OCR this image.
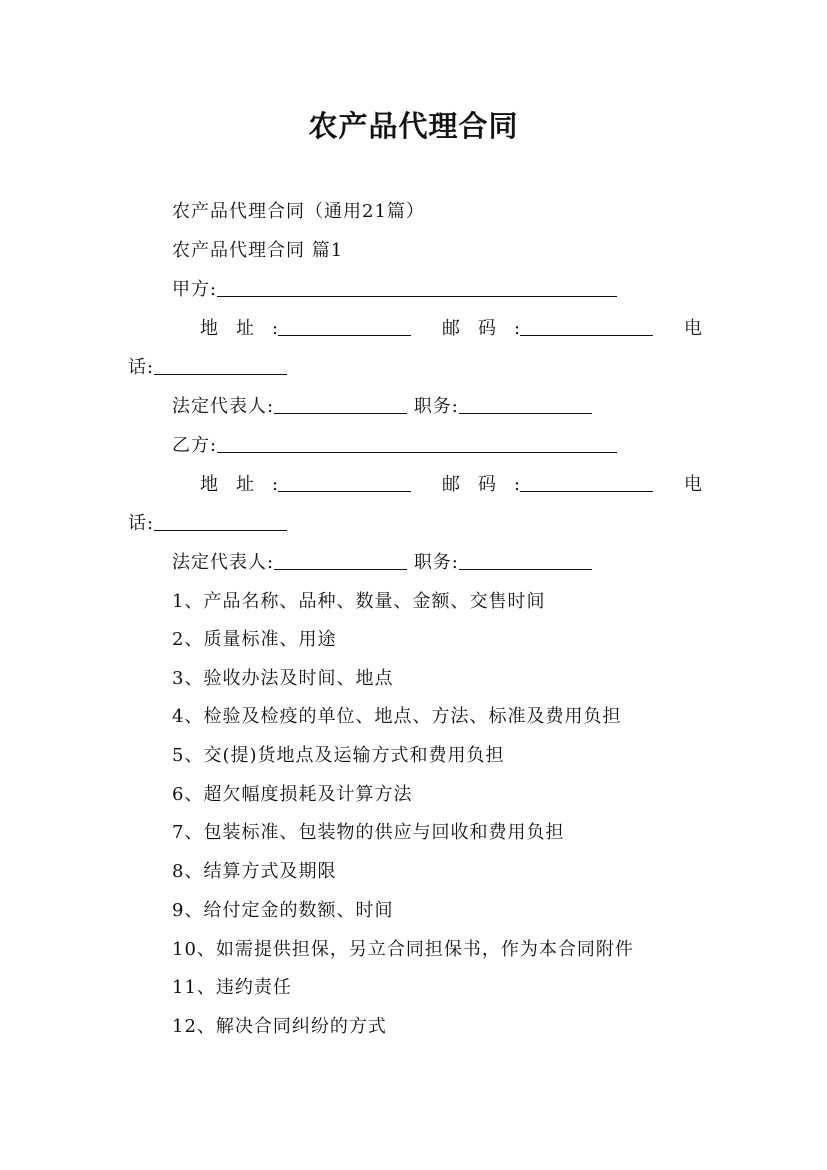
农产品代理合同
农产品代理合同（通用21篇）
农产品代理合同 篇1
甲方:
地　址　:	邮　码　:	电
话:
法定代表人:	职务:
乙方:
地　址　:	邮　码　:	电
话:
法定代表人:	职务:
1、产品名称、品种、数量、金额、交售时间
2、质量标准、用途
3、验收办法及时间、地点
4、检验及检疫的单位、地点、方法、标准及费用负担
5、交(提)货地点及运输方式和费用负担
6、超欠幅度损耗及计算方法
7、包装标准、包装物的供应与回收和费用负担
8、结算方式及期限
9、给付定金的数额、时间
10、如需提供担保，另立合同担保书，作为本合同附件
11、违约责任
12、解决合同纠纷的方式
